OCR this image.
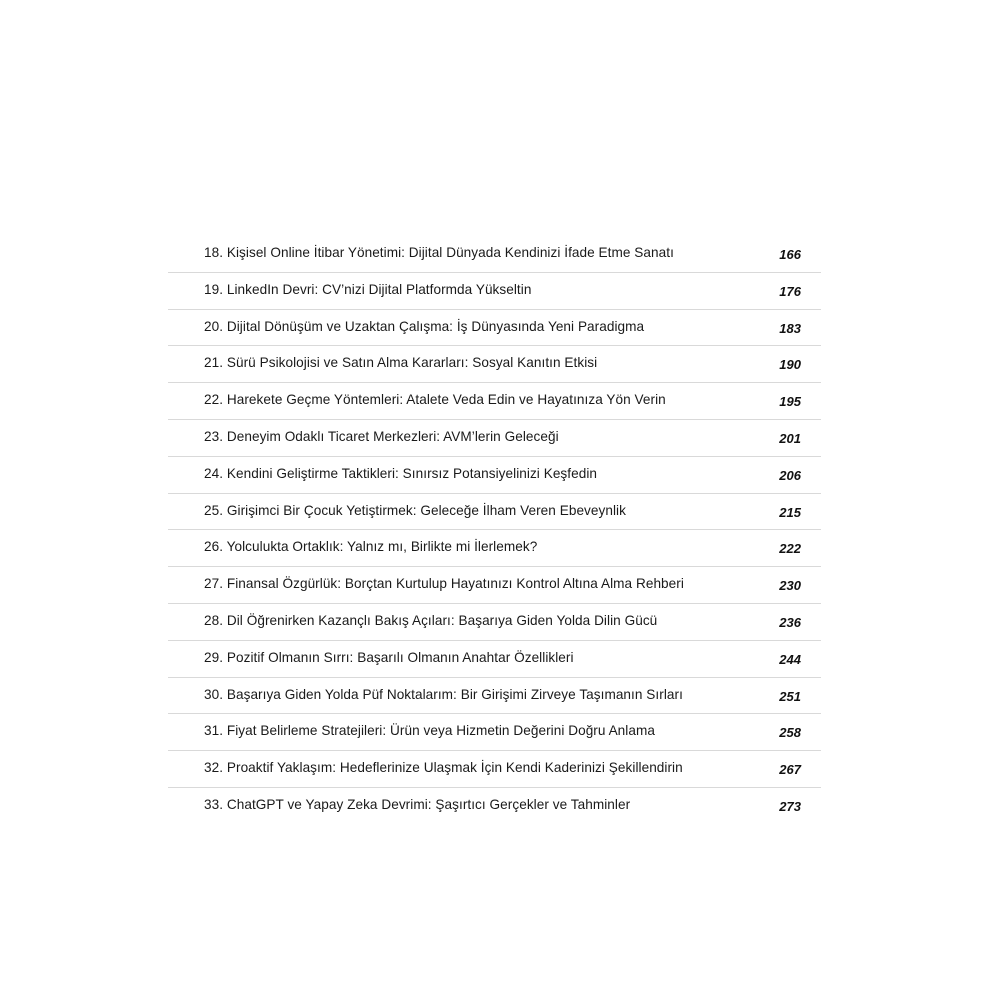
18. Kişisel Online İtibar Yönetimi: Dijital Dünyada Kendinizi İfade Etme Sanatı	166
19. LinkedIn Devri: CV’nizi Dijital Platformda Yükseltin	176
20. Dijital Dönüşüm ve Uzaktan Çalışma: İş Dünyasında Yeni Paradigma	183
21. Sürü Psikolojisi ve Satın Alma Kararları: Sosyal Kanıtın Etkisi	190
22. Harekete Geçme Yöntemleri: Atalete Veda Edin ve Hayatınıza Yön Verin	195
23. Deneyim Odaklı Ticaret Merkezleri: AVM’lerin Geleceği	201
24. Kendini Geliştirme Taktikleri: Sınırsız Potansiyelinizi Keşfedin	206
25. Girişimci Bir Çocuk Yetiştirmek: Geleceğe İlham Veren Ebeveynlik	215
26. Yolculukta Ortaklık: Yalnız mı, Birlikte mi İlerlemek?	222
27. Finansal Özgürlük: Borçtan Kurtulup Hayatınızı Kontrol Altına Alma Rehberi	230
28. Dil Öğrenirken Kazançlı Bakış Açıları: Başarıya Giden Yolda Dilin Gücü	236
29. Pozitif Olmanın Sırrı: Başarılı Olmanın Anahtar Özellikleri	244
30. Başarıya Giden Yolda Püf Noktalarım: Bir Girişimi Zirveye Taşımanın Sırları	251
31. Fiyat Belirleme Stratejileri: Ürün veya Hizmetin Değerini Doğru Anlama	258
32. Proaktif Yaklaşım: Hedeflerinize Ulaşmak İçin Kendi Kaderinizi Şekillendirin	267
33. ChatGPT ve Yapay Zeka Devrimi: Şaşırtıcı Gerçekler ve Tahminler	273
